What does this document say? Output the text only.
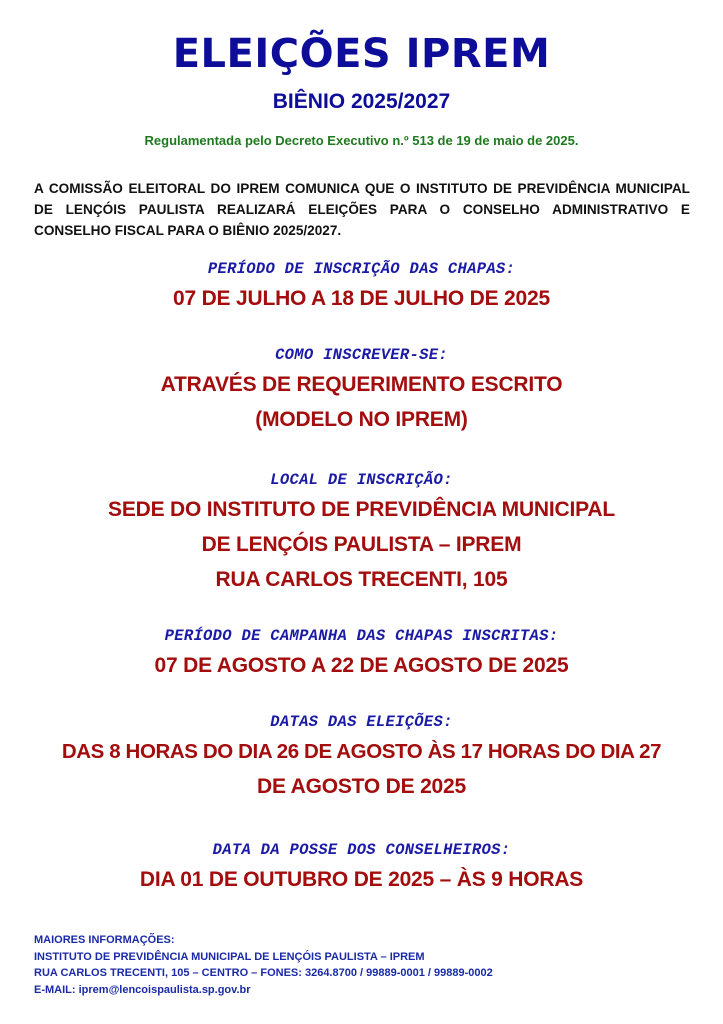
ELEIÇÕES IPREM
BIÊNIO 2025/2027
Regulamentada pelo Decreto Executivo n.º 513 de 19 de maio de 2025.
A COMISSÃO ELEITORAL DO IPREM COMUNICA QUE O INSTITUTO DE PREVIDÊNCIA MUNICIPAL DE LENÇÓIS PAULISTA REALIZARÁ ELEIÇÕES PARA O CONSELHO ADMINISTRATIVO E CONSELHO FISCAL PARA O BIÊNIO 2025/2027.
PERÍODO DE INSCRIÇÃO DAS CHAPAS:
07 DE JULHO A 18 DE JULHO DE 2025
COMO INSCREVER-SE:
ATRAVÉS DE REQUERIMENTO ESCRITO
(MODELO NO IPREM)
LOCAL DE INSCRIÇÃO:
SEDE DO INSTITUTO DE PREVIDÊNCIA MUNICIPAL
DE LENÇÓIS PAULISTA – IPREM
RUA CARLOS TRECENTI, 105
PERÍODO DE CAMPANHA DAS CHAPAS INSCRITAS:
07 DE AGOSTO A 22 DE AGOSTO DE 2025
DATAS DAS ELEIÇÕES:
DAS 8 HORAS DO DIA 26 DE AGOSTO ÀS 17 HORAS DO DIA 27
DE AGOSTO DE 2025
DATA DA POSSE DOS CONSELHEIROS:
DIA 01 DE OUTUBRO DE 2025 – ÀS 9 HORAS
MAIORES INFORMAÇÕES:
INSTITUTO DE PREVIDÊNCIA MUNICIPAL DE LENÇÓIS PAULISTA – IPREM
RUA CARLOS TRECENTI, 105 – CENTRO – FONES: 3264.8700 / 99889-0001 / 99889-0002
E-MAIL: iprem@lencoispaulista.sp.gov.br
